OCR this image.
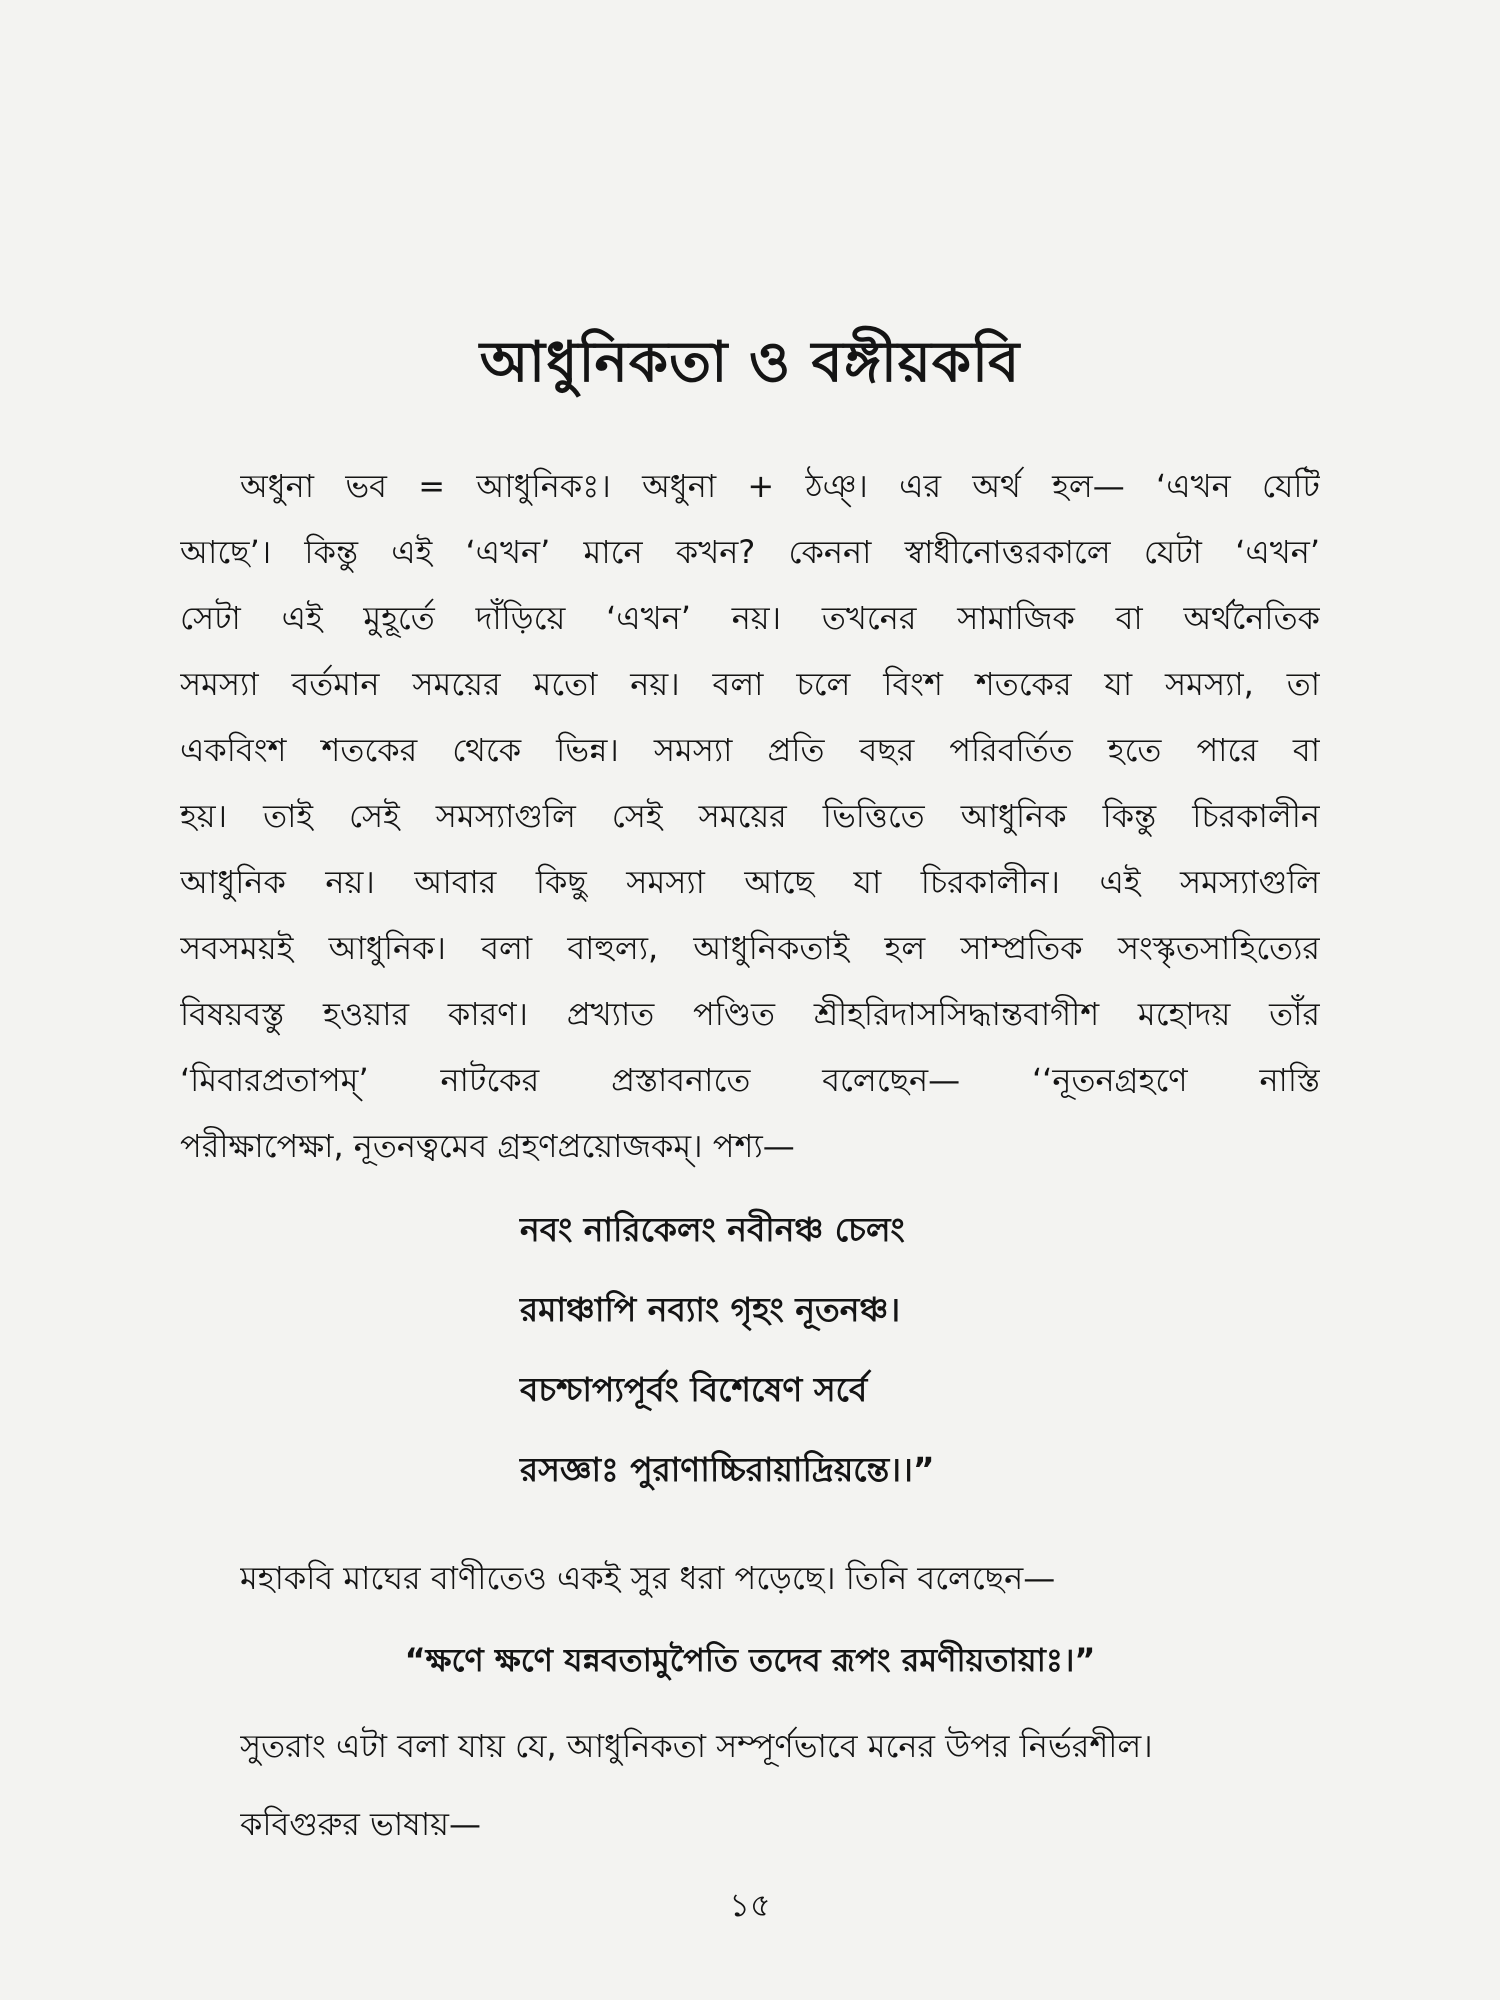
আধুনিকতা ও বঙ্গীয়কবি
অধুনা ভব = আধুনিকঃ। অধুনা + ঠঞ্। এর অর্থ হল— ‘এখন যেটি
আছে’। কিন্তু এই ‘এখন’ মানে কখন? কেননা স্বাধীনোত্তরকালে যেটা ‘এখন’
সেটা এই মুহূর্তে দাঁড়িয়ে ‘এখন’ নয়। তখনের সামাজিক বা অর্থনৈতিক
সমস্যা বর্তমান সময়ের মতো নয়। বলা চলে বিংশ শতকের যা সমস্যা, তা
একবিংশ শতকের থেকে ভিন্ন। সমস্যা প্রতি বছর পরিবর্তিত হতে পারে বা
হয়। তাই সেই সমস্যাগুলি সেই সময়ের ভিত্তিতে আধুনিক কিন্তু চিরকালীন
আধুনিক নয়। আবার কিছু সমস্যা আছে যা চিরকালীন। এই সমস্যাগুলি
সবসময়ই আধুনিক। বলা বাহুল্য, আধুনিকতাই হল সাম্প্রতিক সংস্কৃতসাহিত্যের
বিষয়বস্তু হওয়ার কারণ। প্রখ্যাত পণ্ডিত শ্রীহরিদাসসিদ্ধান্তবাগীশ মহোদয় তাঁর
‘মিবারপ্রতাপম্’ নাটকের প্রস্তাবনাতে বলেছেন— ‘‘নূতনগ্রহণে নাস্তি
পরীক্ষাপেক্ষা, নূতনত্বমেব গ্রহণপ্রয়োজকম্। পশ্য—
নবং নারিকেলং নবীনঞ্চ চেলং
রমাঞ্চাপি নব্যাং গৃহং নূতনঞ্চ।
বচশ্চাপ্যপূর্বং বিশেষেণ সর্বে
রসজ্ঞাঃ পুরাণাচ্চিরায়াদ্রিয়ন্তে।।”
মহাকবি মাঘের বাণীতেও একই সুর ধরা পড়েছে। তিনি বলেছেন—
“ক্ষণে ক্ষণে যন্নবতামুপৈতি তদেব রূপং রমণীয়তায়াঃ।”
সুতরাং এটা বলা যায় যে, আধুনিকতা সম্পূর্ণভাবে মনের উপর নির্ভরশীল।
কবিগুরুর ভাষায়—
১৫
